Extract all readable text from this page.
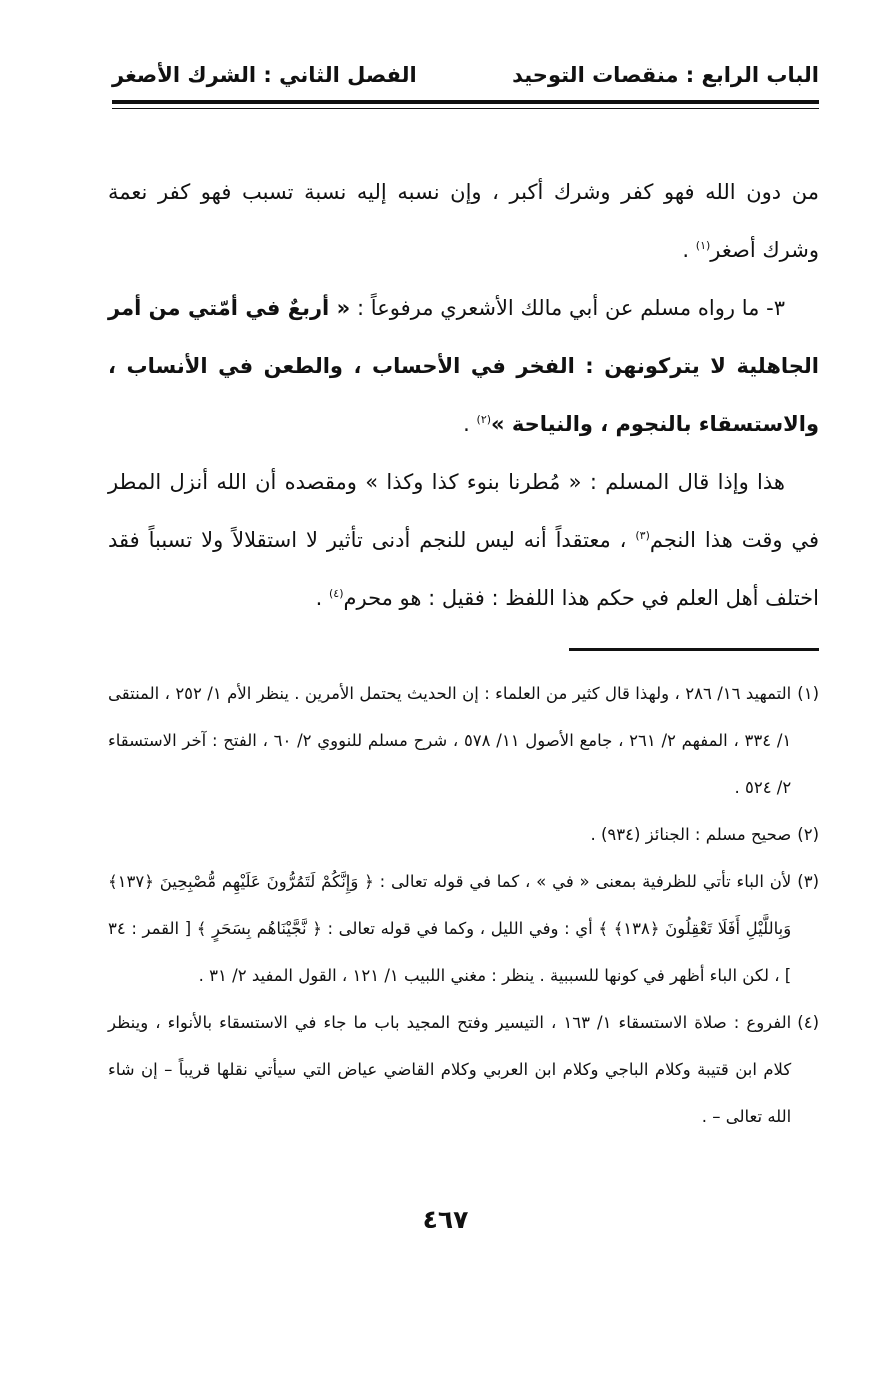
الباب الرابع : منقصات التوحيد
الفصل الثاني : الشرك الأصغر

من دون الله فهو كفر وشرك أكبر ، وإن نسبه إليه نسبة تسبب فهو كفر نعمة وشرك أصغر$^{(١)}$ .

٣- ما رواه مسلم عن أبي مالك الأشعري مرفوعاً : « أربعٌ في أمّتي من أمر الجاهلية لا يتركونهن : الفخر في الأحساب ، والطعن في الأنساب ، والاستسقاء بالنجوم ، والنياحة »$^{(٢)}$ .

هذا وإذا قال المسلم : « مُطرنا بنوء كذا وكذا » ومقصده أن الله أنزل المطر في وقت هذا النجم$^{(٣)}$ ، معتقداً أنه ليس للنجم أدنى تأثير لا استقلالاً ولا تسبباً فقد اختلف أهل العلم في حكم هذا اللفظ : فقيل : هو محرم$^{(٤)}$ .

(١)
التمهيد ١٦/ ٢٨٦ ، ولهذا قال كثير من العلماء : إن الحديث يحتمل الأمرين . ينظر الأم ١/ ٢٥٢ ، المنتقى ١/ ٣٣٤ ، المفهم ٢/ ٢٦١ ، جامع الأصول ١١/ ٥٧٨ ، شرح مسلم للنووي ٢/ ٦٠ ، الفتح : آخر الاستسقاء ٢/ ٥٢٤ .
(٢)
صحيح مسلم : الجنائز (٩٣٤) .
(٣)
لأن الباء تأتي للظرفية بمعنى « في » ، كما في قوله تعالى : ﴿ وَإِنَّكُمْ لَتَمُرُّونَ عَلَيْهِم مُّصْبِحِينَ ﴿١٣٧﴾ وَبِاللَّيْلِ أَفَلَا تَعْقِلُونَ ﴿١٣٨﴾ ﴾ أي : وفي الليل ، وكما في قوله تعالى : ﴿ نَّجَّيْنَاهُم بِسَحَرٍ ﴾ [ القمر : ٣٤ ] ، لكن الباء أظهر في كونها للسببية . ينظر : مغني اللبيب ١/ ١٢١ ، القول المفيد ٢/ ٣١ .
(٤)
الفروع : صلاة الاستسقاء ١/ ١٦٣ ، التيسير وفتح المجيد باب ما جاء في الاستسقاء بالأنواء ، وينظر كلام ابن قتيبة وكلام الباجي وكلام ابن العربي وكلام القاضي عياض التي سيأتي نقلها قريباً – إن شاء الله تعالى – .
٤٦٧
